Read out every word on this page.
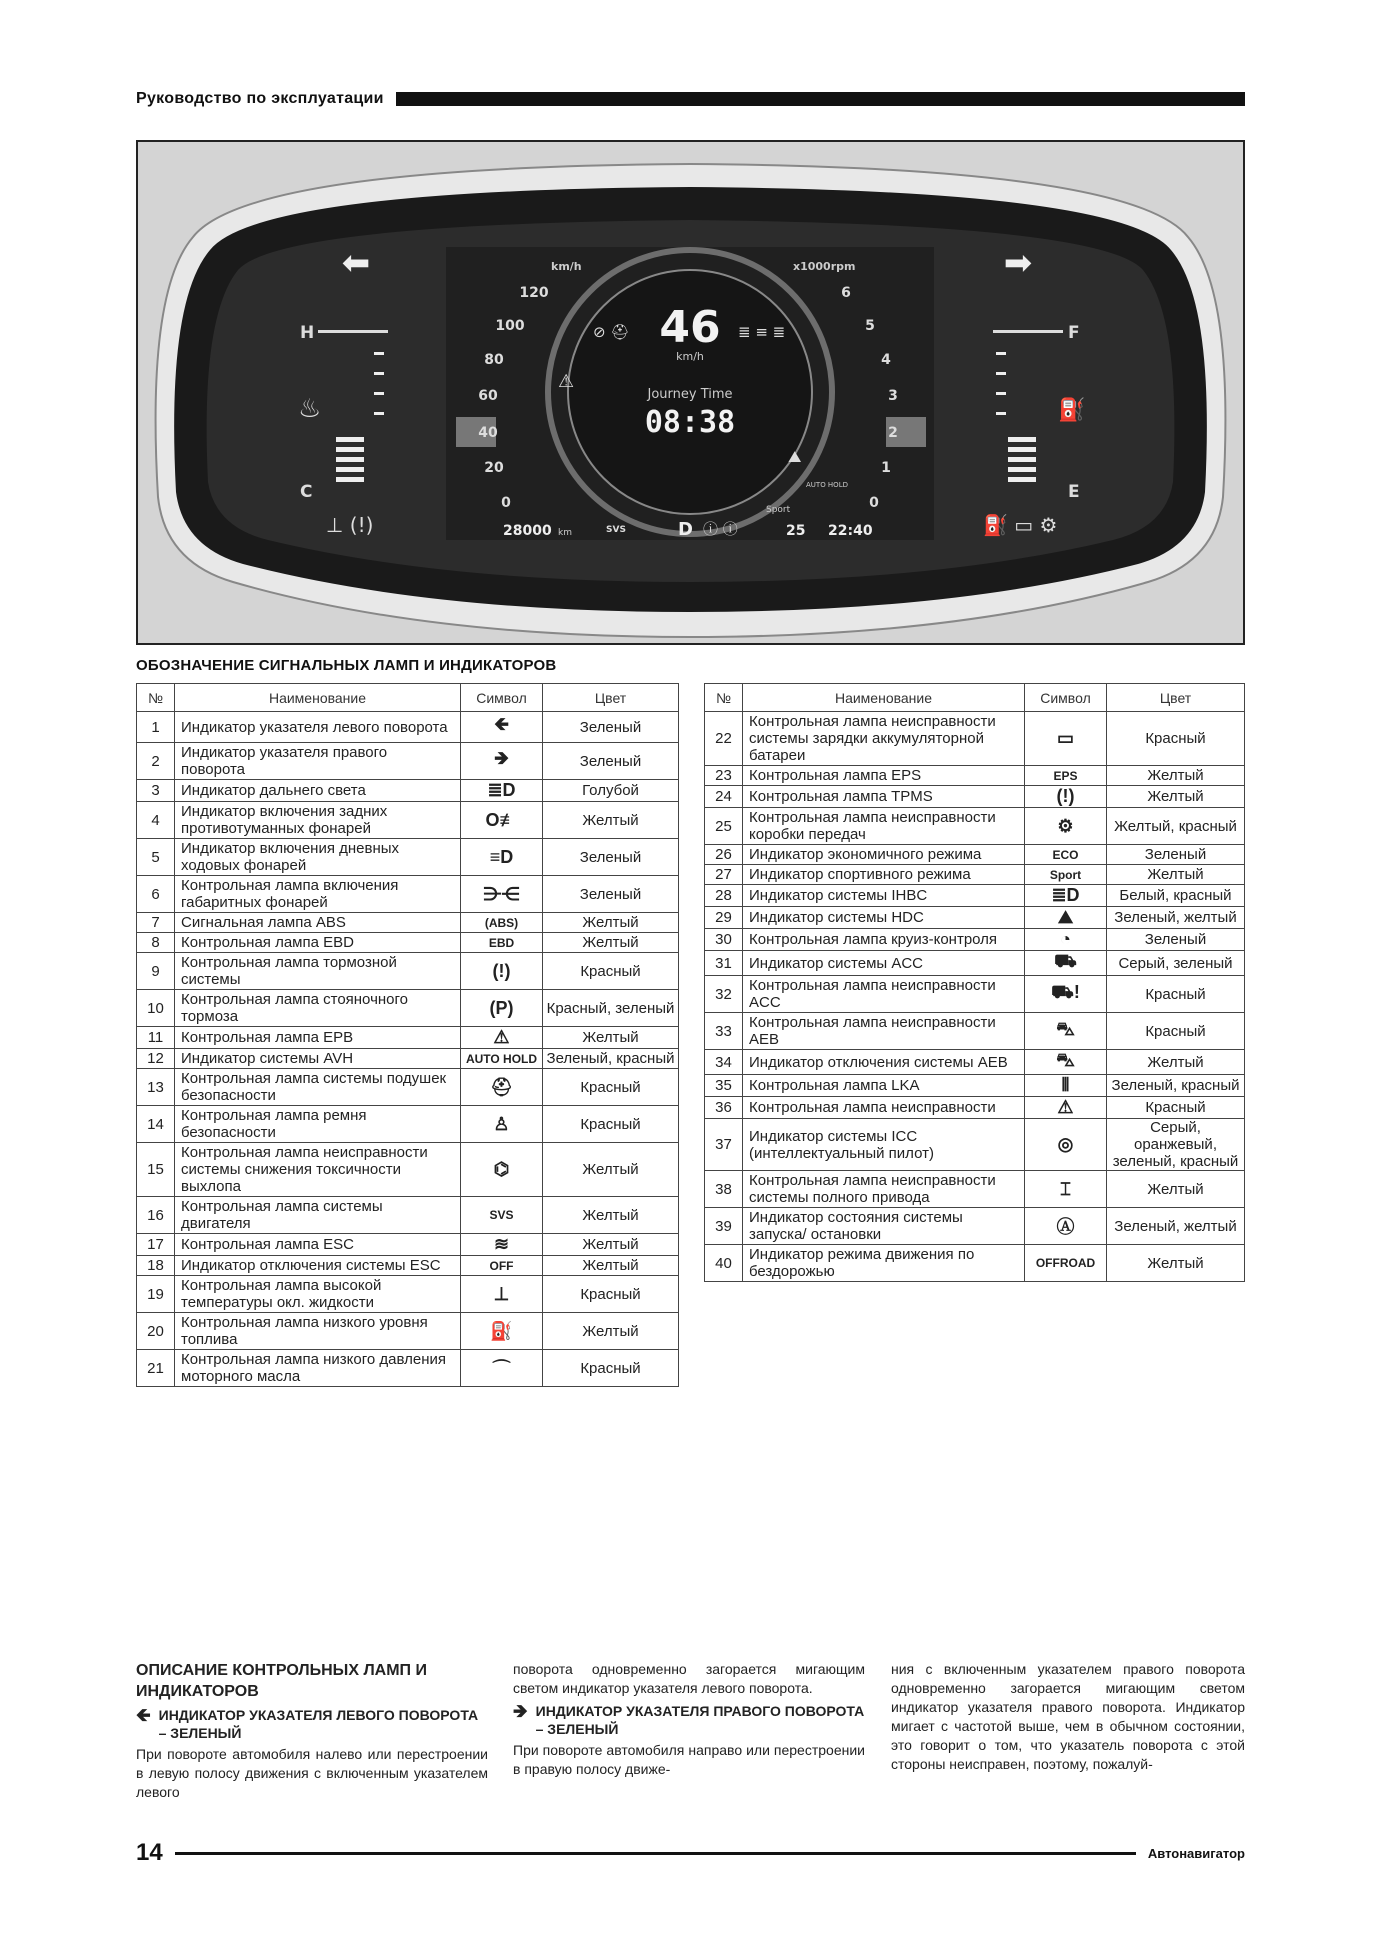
Руководство по эксплуатации
⬅	➡
H
C
F
E
♨	⛽
⊥ (!)	⛽ ▭ ⚙
km/h	x1000rpm
120
100
80
60
40
20
0
6
5
4
3
2
1
0
46
km/h
Journey Time
08:38
⊘ ⛑	≣ ≡ ≣
⚠
⛰
AUTO HOLD
Sport
28000 km	SVS	D ⓘ ⓘ	25 22:40
ОБОЗНАЧЕНИЕ СИГНАЛЬНЫХ ЛАМП И ИНДИКАТОРОВ
№	Наименование	Символ	Цвет
1	Индикатор указателя левого поворота	🡸	Зеленый
2	Индикатор указателя правого поворота	🡺	Зеленый
3	Индикатор дальнего света	≣D	Голубой
4	Индикатор включения задних противотуманных фонарей	O≢	Желтый
5	Индикатор включения дневных ходовых фонарей	≡D	Зеленый
6	Контрольная лампа включения габаритных фонарей	⋺⋲	Зеленый
7	Сигнальная лампа ABS	(ABS)	Желтый
8	Контрольная лампа EBD	EBD	Желтый
9	Контрольная лампа тормозной системы	(!)	Красный
10	Контрольная лампа стояночного тормоза	(P)	Красный, зеленый
11	Контрольная лампа EPB	⚠	Желтый
12	Индикатор системы AVH	AUTO HOLD	Зеленый, красный
13	Контрольная лампа системы подушек безопасности	⛑	Красный
14	Контрольная лампа ремня безопасности	♙	Красный
15	Контрольная лампа неисправности системы снижения токсичности выхлопа	⌬	Желтый
16	Контрольная лампа системы двигателя	SVS	Желтый
17	Контрольная лампа ESC	≋	Желтый
18	Индикатор отключения системы ESC	OFF	Желтый
19	Контрольная лампа высокой температуры окл. жидкости	⊥	Красный
20	Контрольная лампа низкого уровня топлива	⛽	Желтый
21	Контрольная лампа низкого давления моторного масла	⌒	Красный
№	Наименование	Символ	Цвет
22	Контрольная лампа неисправности системы зарядки аккумуляторной батареи	▭	Красный
23	Контрольная лампа EPS	EPS	Желтый
24	Контрольная лампа TPMS	(!)	Желтый
25	Контрольная лампа неисправности коробки передач	⚙	Желтый, красный
26	Индикатор экономичного режима	ECO	Зеленый
27	Индикатор спортивного режима	Sport	Желтый
28	Индикатор системы IHBC	≣D	Белый, красный
29	Индикатор системы HDC	⛰	Зеленый, желтый
30	Контрольная лампа круиз-контроля	◔	Зеленый
31	Индикатор системы ACC	⛟	Серый, зеленый
32	Контрольная лампа неисправности ACC	⛟!	Красный
33	Контрольная лампа неисправности AEB	⛍	Красный
34	Индикатор отключения системы AEB	⛍	Желтый
35	Контрольная лампа LKA	⦀	Зеленый, красный
36	Контрольная лампа неисправности	⚠	Красный
37	Индикатор системы ICC (интеллектуальный пилот)	◎	Серый, оранжевый, зеленый, красный
38	Контрольная лампа неисправности системы полного привода	⌶	Желтый
39	Индикатор состояния системы запуска/ остановки	Ⓐ	Зеленый, желтый
40	Индикатор режима движения по бездорожью	OFFROAD	Желтый
ОПИСАНИЕ КОНТРОЛЬНЫХ ЛАМП И ИНДИКАТОРОВ
🡸 ИНДИКАТОР УКАЗАТЕЛЯ ЛЕВОГО ПОВОРОТА – ЗЕЛЕНЫЙ

При повороте автомобиля налево или перестроении в левую полосу движения с включенным указателем левого

поворота одновременно загорается мигающим светом индикатор указателя левого поворота.

🡺 ИНДИКАТОР УКАЗАТЕЛЯ ПРАВОГО ПОВОРОТА – ЗЕЛЕНЫЙ

При повороте автомобиля направо или перестроении в правую полосу движе-

ния с включенным указателем правого поворота одновременно загорается мигающим светом индикатор указателя правого поворота. Индикатор мигает с частотой выше, чем в обычном состоянии, это говорит о том, что указатель поворота с этой стороны неисправен, поэтому, пожалуй-

14	Автонавигатор
